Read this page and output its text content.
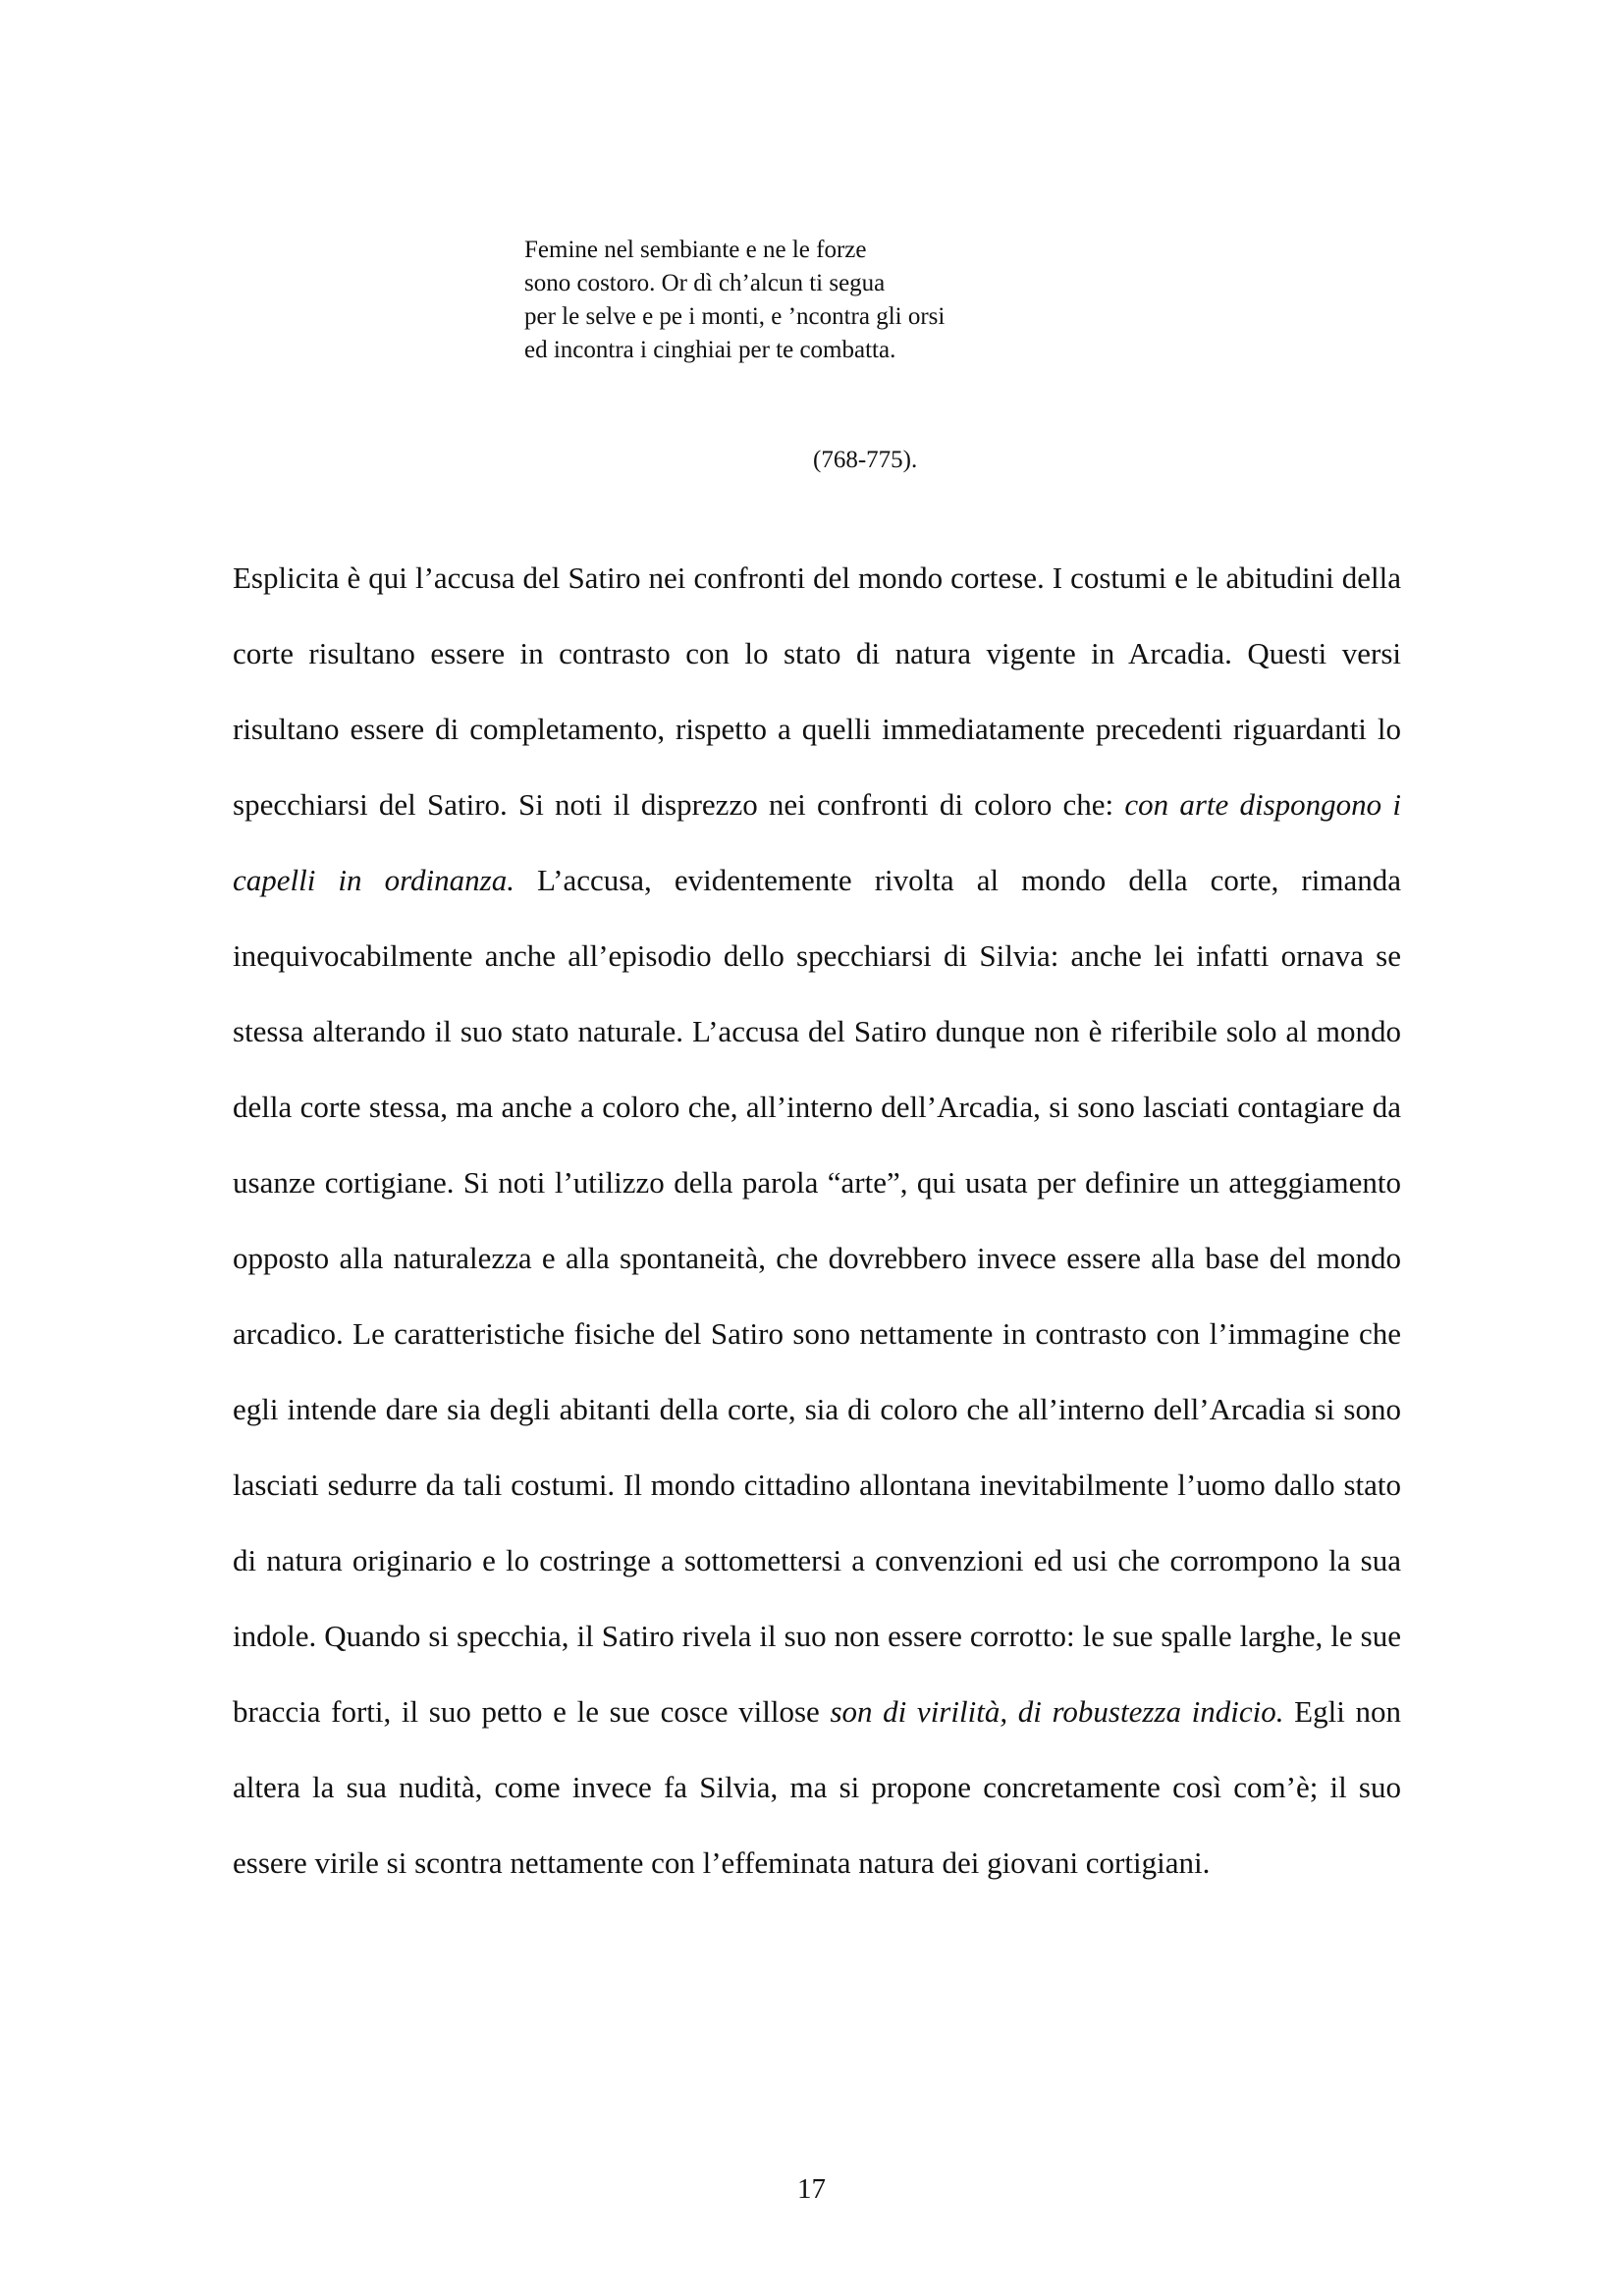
Femine nel sembiante e ne le forze
sono costoro. Or dì ch’alcun ti segua
per le selve e pe i monti, e ’ncontra gli orsi
ed incontra i cinghiai per te combatta.
(768-775).

Esplicita è qui l’accusa del Satiro nei confronti del mondo cortese. I costumi e le abitudini della corte risultano essere in contrasto con lo stato di natura vigente in Arcadia. Questi versi risultano essere di completamento, rispetto a quelli immediatamente precedenti riguardanti lo specchiarsi del Satiro. Si noti il disprezzo nei confronti di coloro che: con arte dispongono i capelli in ordinanza. L’accusa, evidentemente rivolta al mondo della corte, rimanda inequivocabilmente anche all’episodio dello specchiarsi di Silvia: anche lei infatti ornava se stessa alterando il suo stato naturale. L’accusa del Satiro dunque non è riferibile solo al mondo della corte stessa, ma anche a coloro che, all’interno dell’Arcadia, si sono lasciati contagiare da usanze cortigiane. Si noti l’utilizzo della parola “arte”, qui usata per definire un atteggiamento opposto alla naturalezza e alla spontaneità, che dovrebbero invece essere alla base del mondo arcadico. Le caratteristiche fisiche del Satiro sono nettamente in contrasto con l’immagine che egli intende dare sia degli abitanti della corte, sia di coloro che all’interno dell’Arcadia si sono lasciati sedurre da tali costumi. Il mondo cittadino allontana inevitabilmente l’uomo dallo stato di natura originario e lo costringe a sottomettersi a convenzioni ed usi che corrompono la sua indole. Quando si specchia, il Satiro rivela il suo non essere corrotto: le sue spalle larghe, le sue braccia forti, il suo petto e le sue cosce villose son di virilità, di robustezza indicio. Egli non altera la sua nudità, come invece fa Silvia, ma si propone concretamente così com’è; il suo essere virile si scontra nettamente con l’effeminata natura dei giovani cortigiani.

17
